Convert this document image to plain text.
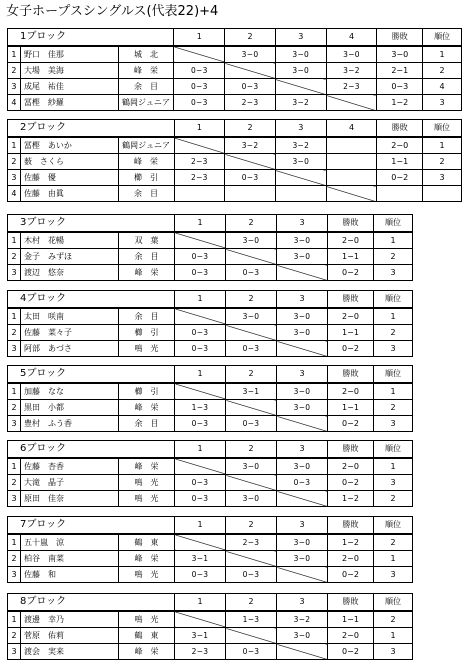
女子ホープスシングルス(代表22)+4
1ブロック			1	2	3	4	勝敗	順位
1	野口　佳那	城　北		3−0	3−0	3−0	3−0	1
2	大場　美海	峰　栄	0−3		3−0	3−2	2−1	2
3	成尾　祐佳	余　目	0−3	0−3		2−3	0−3	4
4	冨樫　紗羅	鶴岡ジュニア	0−3	2−3	3−2		1−2	3
2ブロック			1	2	3	4	勝敗	順位
1	冨樫　あいか	鶴岡ジュニア		3−2	3−2		2−0	1
2	薮　さくら	峰　栄	2−3		3−0		1−1	2
3	佐藤　優	櫛　引	2−3	0−3			0−2	3
4	佐藤　由眞	余　目						
3ブロック			1	2	3	勝敗	順位
1	木村　花暢	双　葉		3−0	3−0	2−0	1
2	金子　みずほ	余　目	0−3		3−0	1−1	2
3	渡辺　悠奈	峰　栄	0−3	0−3		0−2	3
4ブロック			1	2	3	勝敗	順位
1	太田　咲南	余　目		3−0	3−0	2−0	1
2	佐藤　菜々子	櫛　引	0−3		3−0	1−1	2
3	阿部　あづさ	鳴　光	0−3	0−3		0−2	3
5ブロック			1	2	3	勝敗	順位
1	加藤　なな	櫛　引		3−1	3−0	2−0	1
2	黒田　小都	峰　栄	1−3		3−0	1−1	2
3	豊村　ふう香	余　目	0−3	0−3		0−2	3
6ブロック			1	2	3	勝敗	順位
1	佐藤　杏香	峰　栄		3−0	3−0	2−0	1
2	大滝　晶子	鳴　光	0−3		0−3	0−2	3
3	原田　佳奈	鳴　光	0−3	3−0		1−2	2
7ブロック			1	2	3	勝敗	順位
1	五十嵐　涼	鶴　東		2−3	3−0	1−2	2
2	柏谷　南菜	峰　栄	3−1		3−0	2−0	1
3	佐藤　和	鳴　光	0−3	0−3		0−2	3
8ブロック			1	2	3	勝敗	順位
1	渡邊　幸乃	鳴　光		1−3	3−2	1−1	2
2	菅原　佑莉	鶴　東	3−1		3−0	2−0	1
3	渡会　実来	峰　栄	2−3	0−3		0−2	3
